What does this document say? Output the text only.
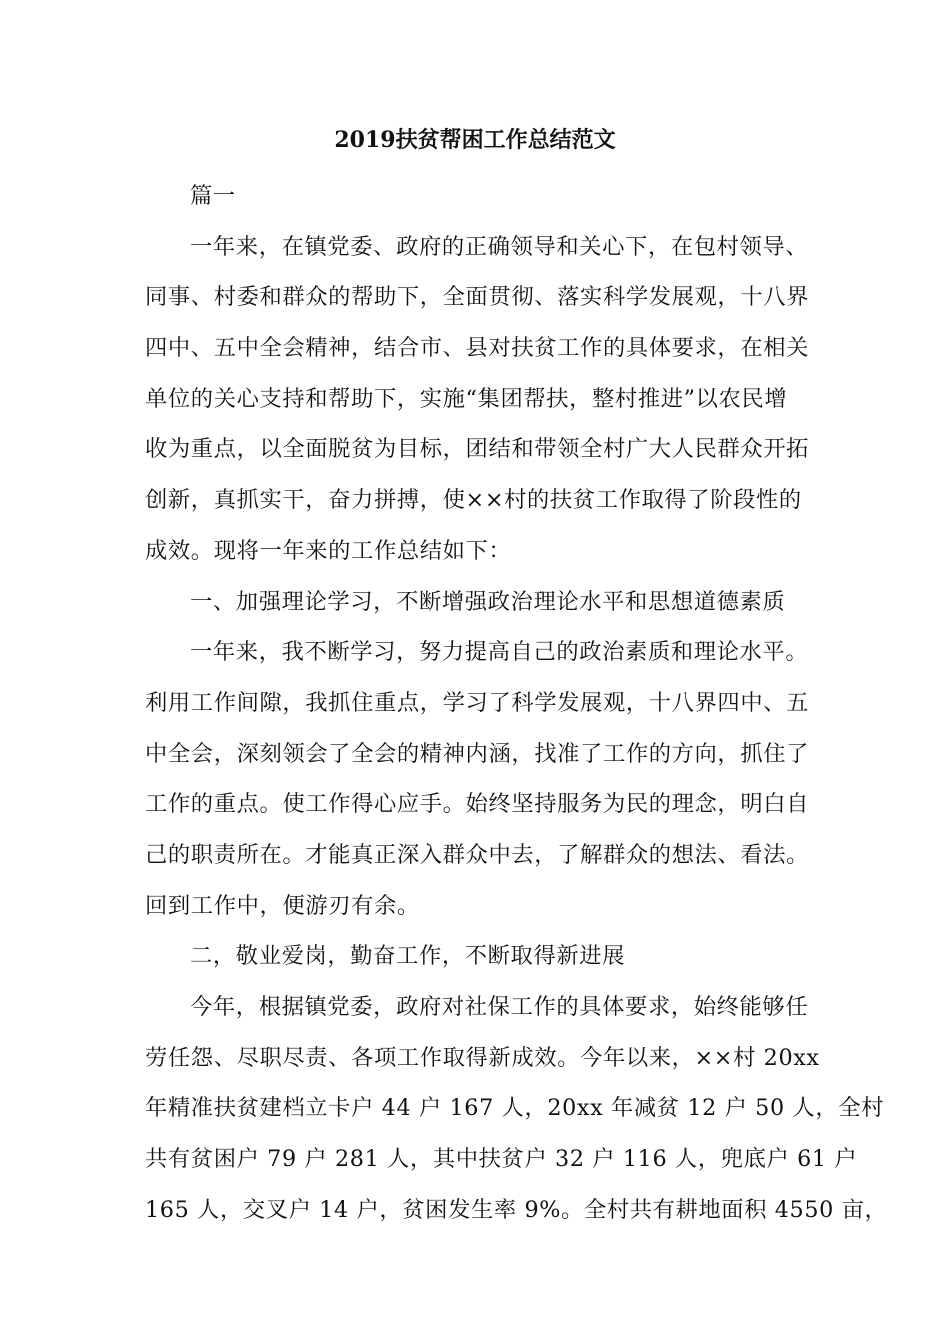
2019扶贫帮困工作总结范文
篇一
一年来，在镇党委、政府的正确领导和关心下，在包村领导、
同事、村委和群众的帮助下，全面贯彻、落实科学发展观，十八界
四中、五中全会精神，结合市、县对扶贫工作的具体要求，在相关
单位的关心支持和帮助下，实施“集团帮扶，整村推进”以农民增
收为重点，以全面脱贫为目标，团结和带领全村广大人民群众开拓
创新，真抓实干，奋力拼搏，使××村的扶贫工作取得了阶段性的
成效。现将一年来的工作总结如下：
一、加强理论学习，不断增强政治理论水平和思想道德素质
一年来，我不断学习，努力提高自己的政治素质和理论水平。
利用工作间隙，我抓住重点，学习了科学发展观，十八界四中、五
中全会，深刻领会了全会的精神内涵，找准了工作的方向，抓住了
工作的重点。使工作得心应手。始终坚持服务为民的理念，明白自
己的职责所在。才能真正深入群众中去，了解群众的想法、看法。
回到工作中，便游刃有余。
二，敬业爱岗，勤奋工作，不断取得新进展
今年，根据镇党委，政府对社保工作的具体要求，始终能够任
劳任怨、尽职尽责、各项工作取得新成效。今年以来，××村 20xx
年精准扶贫建档立卡户 44 户 167 人，20xx 年减贫 12 户 50 人，全村
共有贫困户 79 户 281 人，其中扶贫户 32 户 116 人，兜底户 61 户
165 人，交叉户 14 户，贫困发生率 9%。全村共有耕地面积 4550 亩，
